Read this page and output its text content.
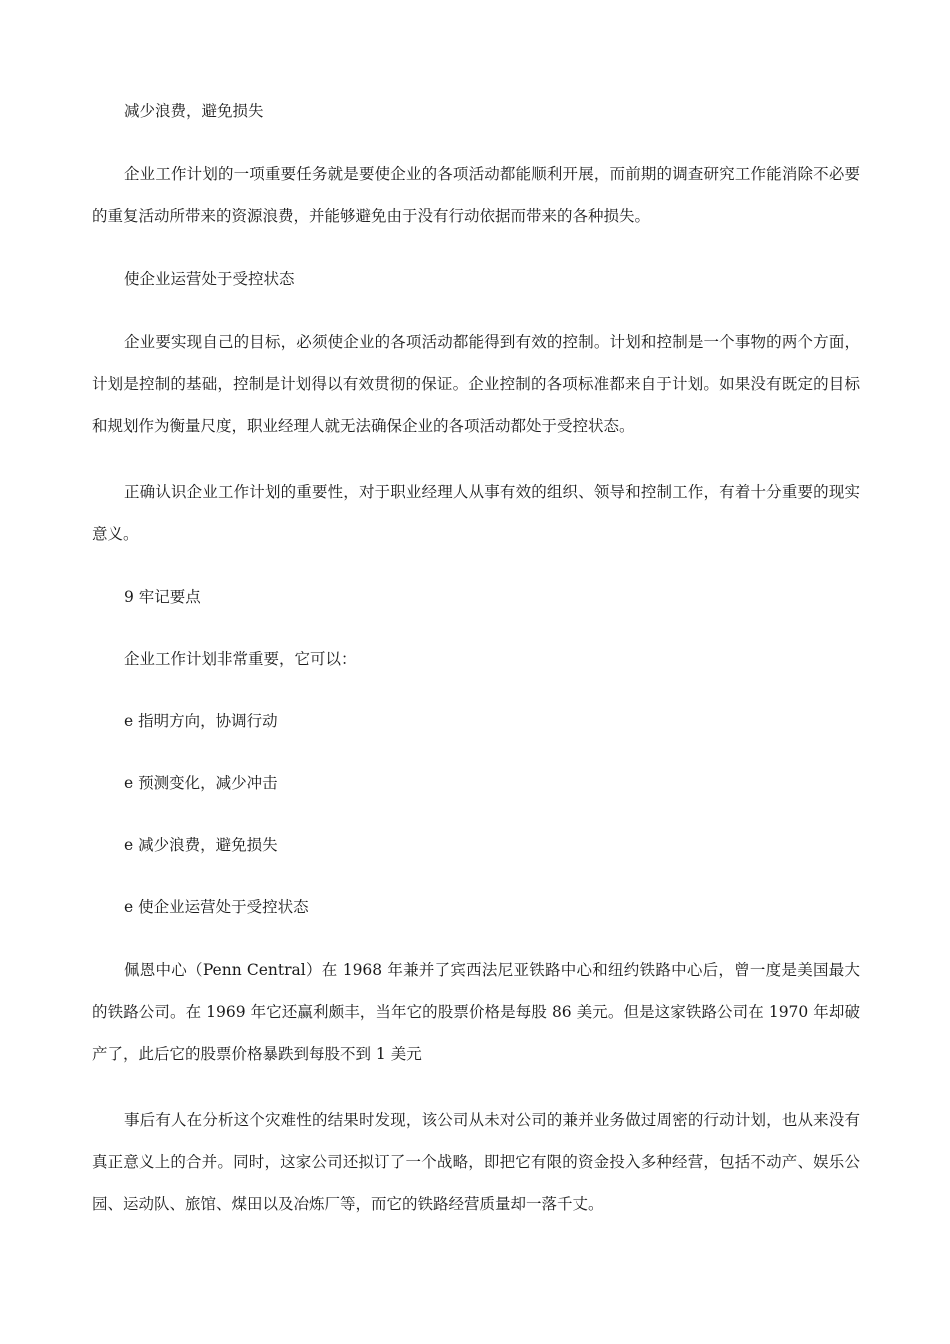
减少浪费，避免损失

企业工作计划的一项重要任务就是要使企业的各项活动都能顺利开展，而前期的调查研究工作能消除不必要的重复活动所带来的资源浪费，并能够避免由于没有行动依据而带来的各种损失。

使企业运营处于受控状态

企业要实现自己的目标，必须使企业的各项活动都能得到有效的控制。计划和控制是一个事物的两个方面，计划是控制的基础，控制是计划得以有效贯彻的保证。企业控制的各项标准都来自于计划。如果没有既定的目标和规划作为衡量尺度，职业经理人就无法确保企业的各项活动都处于受控状态。

正确认识企业工作计划的重要性，对于职业经理人从事有效的组织、领导和控制工作，有着十分重要的现实意义。

9 牢记要点

企业工作计划非常重要，它可以：

e 指明方向，协调行动

e 预测变化，减少冲击

e 减少浪费，避免损失

e 使企业运营处于受控状态

佩恩中心（Penn Central）在 1968 年兼并了宾西法尼亚铁路中心和纽约铁路中心后，曾一度是美国最大的铁路公司。在 1969 年它还赢利颇丰，当年它的股票价格是每股 86 美元。但是这家铁路公司在 1970 年却破产了，此后它的股票价格暴跌到每股不到 1 美元

事后有人在分析这个灾难性的结果时发现，该公司从未对公司的兼并业务做过周密的行动计划，也从来没有真正意义上的合并。同时，这家公司还拟订了一个战略，即把它有限的资金投入多种经营，包括不动产、娱乐公园、运动队、旅馆、煤田以及冶炼厂等，而它的铁路经营质量却一落千丈。
